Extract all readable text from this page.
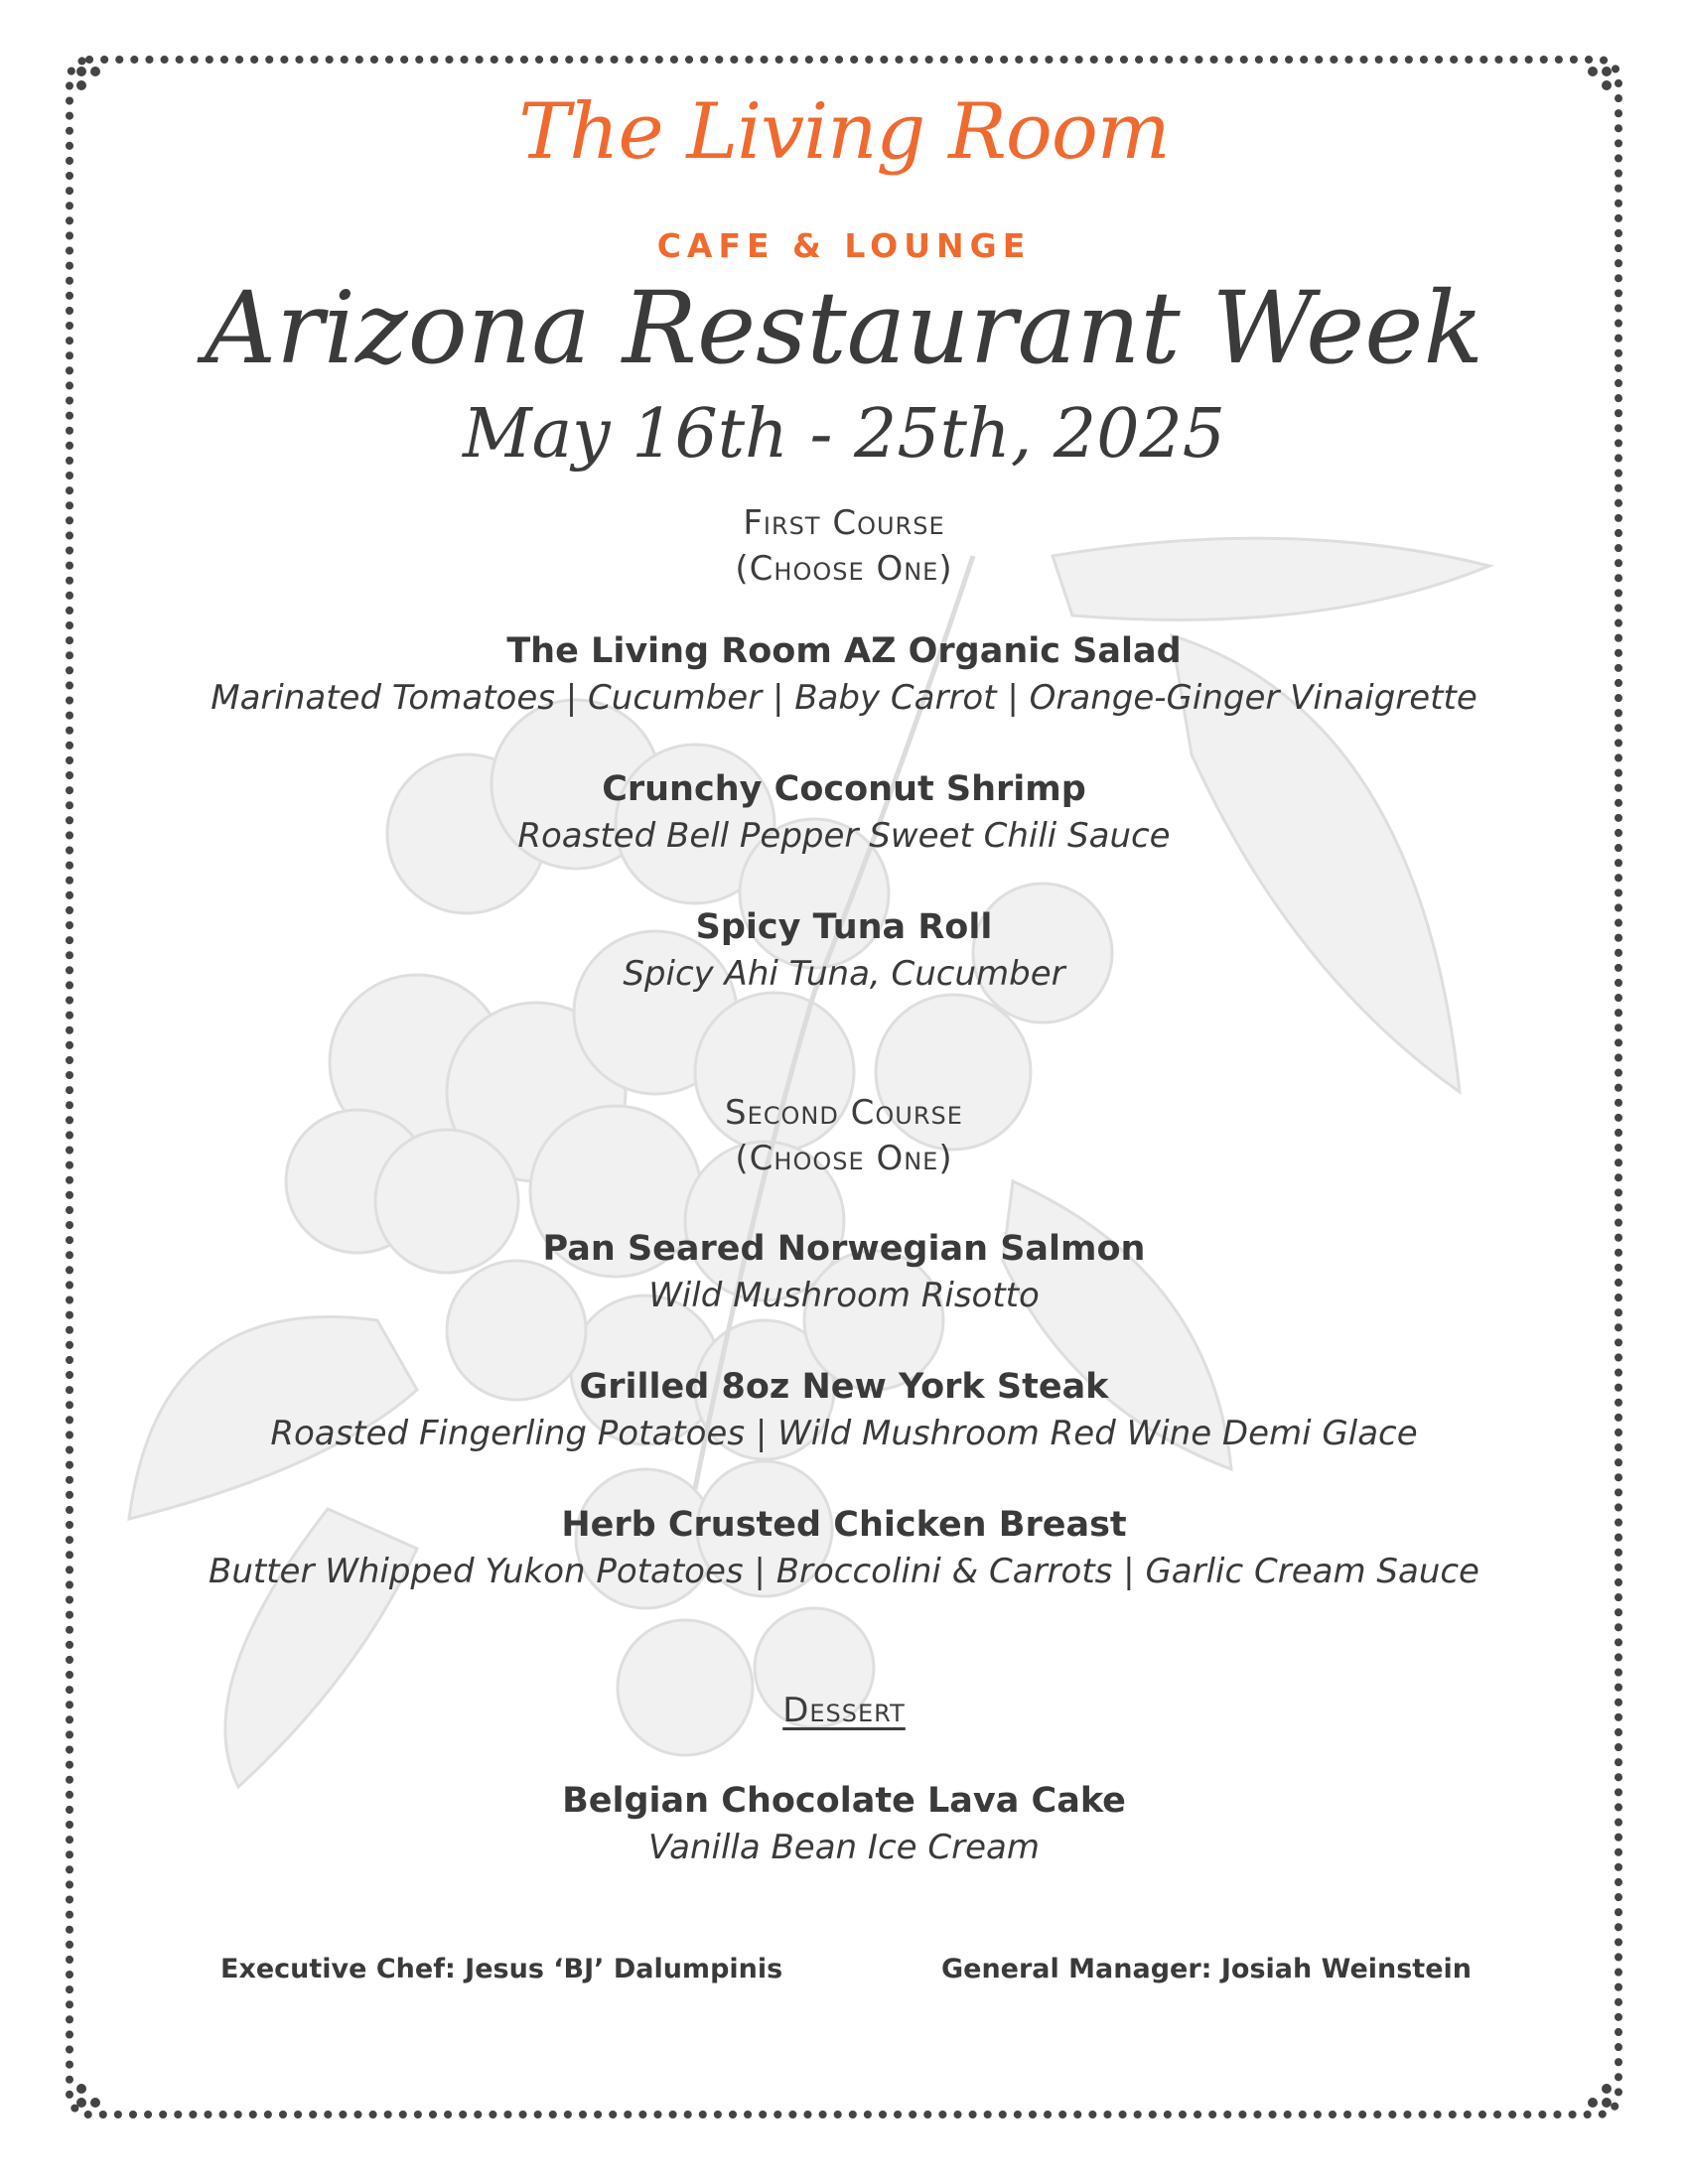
The Living Room
CAFE & LOUNGE
Arizona Restaurant Week
May 16th - 25th, 2025
First Course
(Choose One)
The Living Room AZ Organic Salad
Marinated Tomatoes | Cucumber | Baby Carrot | Orange-Ginger Vinaigrette
Crunchy Coconut Shrimp
Roasted Bell Pepper Sweet Chili Sauce
Spicy Tuna Roll
Spicy Ahi Tuna, Cucumber
Second Course
(Choose One)
Pan Seared Norwegian Salmon
Wild Mushroom Risotto
Grilled 8oz New York Steak
Roasted Fingerling Potatoes | Wild Mushroom Red Wine Demi Glace
Herb Crusted Chicken Breast
Butter Whipped Yukon Potatoes | Broccolini & Carrots | Garlic Cream Sauce
Dessert
Belgian Chocolate Lava Cake
Vanilla Bean Ice Cream
Executive Chef: Jesus ‘BJ’ Dalumpinis	General Manager: Josiah Weinstein
